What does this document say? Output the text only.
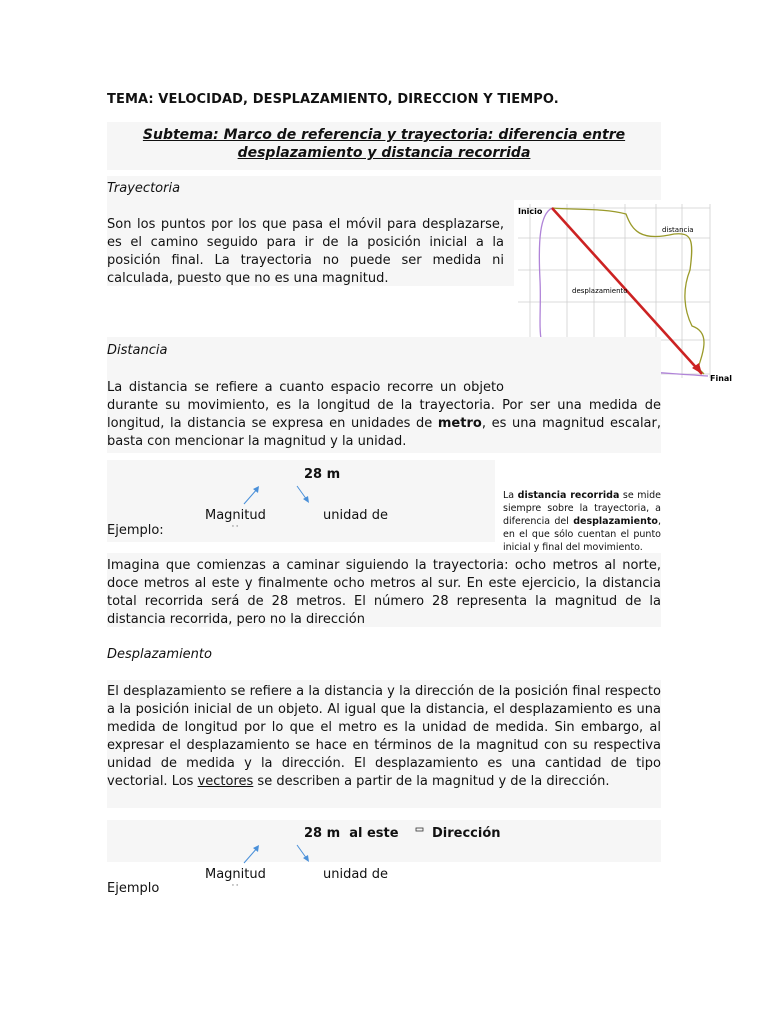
TEMA: VELOCIDAD, DESPLAZAMIENTO, DIRECCION Y TIEMPO.
Subtema: Marco de referencia y trayectoria: diferencia entre
desplazamiento y distancia recorrida
Trayectoria
Son los puntos por los que pasa el móvil para desplazarse, es el camino seguido para ir de la posición inicial a la posición final. La trayectoria no puede ser medida ni calculada, puesto que no es una magnitud.
Inicio
Final
distancia
desplazamiento
Distancia
La distancia se refiere a cuanto espacio recorre un objeto durante su movimiento, es la longitud de la trayectoria. Por ser una medida de longitud, la distancia se expresa en unidades de metro, es una magnitud escalar, basta con mencionar la magnitud y la unidad.
28 m
Magnitud	unidad de
Ejemplo:	' '
La distancia recorrida se mide siempre sobre la trayectoria, a diferencia del desplazamiento, en el que sólo cuentan el punto inicial y final del movimiento.
Imagina que comienzas a caminar siguiendo la trayectoria: ocho metros al norte, doce metros al este y finalmente ocho metros al sur. En este ejercicio, la distancia total recorrida será de 28 metros. El número 28 representa la magnitud de la distancia recorrida, pero no la dirección
Desplazamiento
El desplazamiento se refiere a la distancia y la dirección de la posición final respecto a la posición inicial de un objeto. Al igual que la distancia, el desplazamiento es una medida de longitud por lo que el metro es la unidad de medida. Sin embargo, al expresar el desplazamiento se hace en términos de la magnitud con su respectiva unidad de medida y la dirección. El desplazamiento es una cantidad de tipo vectorial. Los vectores se describen a partir de la magnitud y de la dirección.
28 m  al este	Dirección
Magnitud	unidad de
Ejemplo	' '
